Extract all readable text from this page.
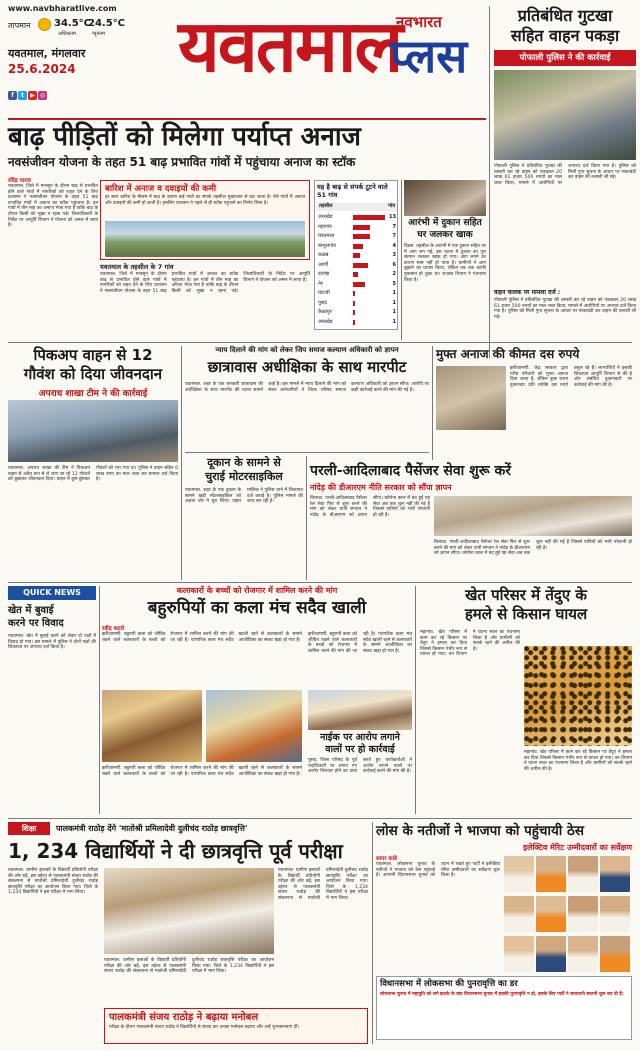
www.navbharatlive.com
तापमान 34.5°C
अधिकतम
24.5°C
न्यूनतम
यवतमाल, मंगलवार
25.6.2024
f t ▶ ◎
यवतमाल
नवभारत
प्लस
प्रतिबंधित गुटखा
सहित वाहन पकड़ा
पोफाली पुलिस ने की कार्रवाई
पोफाली पुलिस ने प्रतिबंधित गुटखा की तस्करी कर रहे वाहन को पकड़कर 20 लाख 61 हजार 500 रुपयों का माल जब्त किया, मामले में आरोपियों पर अपराध दर्ज किया गया है। पुलिस को मिली गुप्त सूचना के आधार पर नाकाबंदी कर वाहन की तलाशी ली गई।
वाहन चालक पर मामला दर्ज :
पोफाली पुलिस ने प्रतिबंधित गुटखा की तस्करी कर रहे वाहन को पकड़कर 20 लाख 61 हजार 500 रुपयों का माल जब्त किया, मामले में आरोपियों पर अपराध दर्ज किया गया है। पुलिस को मिली गुप्त सूचना के आधार पर नाकाबंदी कर वाहन की तलाशी ली गई।
बाढ़ पीड़ितों को मिलेगा पर्याप्त अनाज
नवसंजीवन योजना के तहत 51 बाढ़ प्रभावित गांवों में पहुंचाया अनाज का स्टॉक
रविंद्र पाराव
यवतमाल. जिले में मानसून के दौरान बाढ़ से प्रभावित होने वाले गांवों में नागरिकों को राहत देने के लिए प्रशासन ने नवसंजीवन योजना के तहत 51 बाढ़ प्रभावित गांवों में अनाज का स्टॉक पहुंचाया है। इन गांवों में तीन माह का अनाज भेजा गया है ताकि बाढ़ के दौरान किसी को भूखा न रहना पड़े। जिलाधिकारी के निर्देश पर आपूर्ति विभाग ने योजना को अमल में लाया है।
बारिश में अनाज व दवाइयों की कमी
हर साल बारिश के मौसम में बाढ़ के कारण कई गांवों का संपर्क तहसील मुख्यालय से कट जाता है। ऐसे गांवों में अनाज और दवाइयों की कमी हो जाती है। इसलिए प्रशासन ने पहले से ही स्टॉक पहुंचाने का निर्णय लिया है।
यवतमाल के तहसील के 7 गांव
यवतमाल. जिले में मानसून के दौरान बाढ़ से प्रभावित होने वाले गांवों में नागरिकों को राहत देने के लिए प्रशासन ने नवसंजीवन योजना के तहत 51 बाढ़ प्रभावित गांवों में अनाज का स्टॉक पहुंचाया है। इन गांवों में तीन माह का अनाज भेजा गया है ताकि बाढ़ के दौरान किसी को भूखा न रहना पड़े। जिलाधिकारी के निर्देश पर आपूर्ति विभाग ने योजना को अमल में लाया है।
यह है बाढ़ से संपर्क टूटने वाले 51 गांव
तहसील	गांव
उमरखेड	13
महागांव	7
यवतमाल	7
बाभुलगांव	4
कळंब	3
आर्णी	6
दारव्हा	2
नेर	5
घाटंजी	1
पुसद	1
केळापुर	1
उमरखेड़	1
आरंभी में दुकान सहित
घर जलकर खाक
दिग्रस. तहसील के आरंभी में एक दुकान सहित घर में आग लग गई, इस घटना में दुकान का पूरा सामान जलकर खाक हो गया। आग लगने का कारण स्पष्ट नहीं हो पाया है। ग्रामीणों ने आग बुझाने का प्रयास किया, लेकिन तब तक काफी नुकसान हो चुका था। राजस्व विभाग ने पंचनामा किया है।
पिकअप वाहन से 12
गौवंश को दिया जीवनदान
अपराध शाखा टीम ने की कार्रवाई
यवतमाल. अपराध शाखा की टीम ने पिकअप वाहन से अवैध रूप से ले जाए जा रहे 12 गौवंशों को छुड़ाकर जीवनदान दिया। वाहन में ठूंस-ठूंसकर गौवंशों को भरा गया था। पुलिस ने वाहन सहित 6 लाख रुपए का माल जब्त कर मामला दर्ज किया है।
न्याय दिलाने की मांग को लेकर जिप समाज कल्याण अधिकारी को ज्ञापन
छात्रावास अधीक्षिका के साथ मारपीट
यवतमाल. शहर के एक सरकारी छात्रावास की अधीक्षिका के साथ मारपीट की घटना सामने आई है। इस मामले में न्याय दिलाने की मांग को लेकर कर्मचारियों ने जिला परिषद समाज कल्याण अधिकारी को ज्ञापन सौंपा। आरोपी पर कड़ी कार्रवाई करने की मांग की गई है।
मुफ्त अनाज की कीमत दस रुपये
झरीजामणी. केंद्र सरकार द्वारा गरीब परिवारों को मुफ्त अनाज दिया जाता है, लेकिन कुछ राशन दुकानदार प्रति व्यक्ति दस रुपये वसूल रहे हैं। लाभार्थियों ने इसकी शिकायत आपूर्ति विभाग से की है और संबंधित दुकानदारों पर कार्रवाई की मांग की है।
दूकान के सामने से
चुराई मोटरसाइकिल
यवतमाल. शहर के एक दुकान के सामने खड़ी मोटरसाइकिल को अज्ञात चोर ने चुरा लिया। वाहन मालिक ने पुलिस थाने में शिकायत दर्ज कराई है। पुलिस मामले की जांच कर रही है।
परली-आदिलाबाद पैसेंजर सेवा शुरू करें
नांदेड़ की डीआरएम नीति सरकार को सौंपा ज्ञापन
किनवट. परली-आदिलाबाद पैसेंजर रेल सेवा फिर से शुरू करने की मांग को लेकर यात्री संगठन ने नांदेड़ के डीआरएम को ज्ञापन सौंपा। कोरोना काल में बंद हुई यह सेवा अब तक शुरू नहीं की गई है जिससे यात्रियों को भारी परेशानी हो रही है।
किनवट. परली-आदिलाबाद पैसेंजर रेल सेवा फिर से शुरू करने की मांग को लेकर यात्री संगठन ने नांदेड़ के डीआरएम को ज्ञापन सौंपा। कोरोना काल में बंद हुई यह सेवा अब तक शुरू नहीं की गई है जिससे यात्रियों को भारी परेशानी हो रही है।
QUICK NEWS
खेत में बुवाई
करने पर विवाद
यवतमाल. खेत में बुवाई करने को लेकर दो पक्षों में विवाद हो गया। इस मामले में पुलिस ने दोनों पक्षों की शिकायत पर अपराध दर्ज किया है।
कलाकारों के बच्चों को रोजगार में शामिल करने की मांग
बहुरुपियों का कला मंच सदैव खाली
रवींद्र कटारे
झरीजामणी. बहुरुपी कला को जीवित रखने वाले कलाकारों के बच्चों को रोजगार में शामिल करने की मांग की जा रही है। पारंपरिक कला मंच सदैव खाली रहने से कलाकारों के सामने आजीविका का संकट खड़ा हो गया है।
झरीजामणी. बहुरुपी कला को जीवित रखने वाले कलाकारों के बच्चों को रोजगार में शामिल करने की मांग की जा रही है। पारंपरिक कला मंच सदैव खाली रहने से कलाकारों के सामने आजीविका का संकट खड़ा हो गया है।
झरीजामणी. बहुरुपी कला को जीवित रखने वाले कलाकारों के बच्चों को रोजगार में शामिल करने की मांग की जा रही है। पारंपरिक कला मंच सदैव खाली रहने से कलाकारों के सामने आजीविका का संकट खड़ा हो गया है।
खेत परिसर में तेंदुए के
हमले से किसान घायल
महागांव. खेत परिसर में काम कर रहे किसान पर तेंदुए ने हमला कर दिया जिससे किसान गंभीर रूप से घायल हो गया। वन विभाग ने घटना स्थल का पंचनामा किया है और ग्रामीणों को सतर्क रहने की अपील की है।
महागांव. खेत परिसर में काम कर रहे किसान पर तेंदुए ने हमला कर दिया जिससे किसान गंभीर रूप से घायल हो गया। वन विभाग ने घटना स्थल का पंचनामा किया है और ग्रामीणों को सतर्क रहने की अपील की है।
नाईक पर आरोप लगाने
वालों पर हो कार्रवाई
पुसद. जिला परिषद के पूर्व पदाधिकारी पर लगाए गए आरोप निराधार होने का दावा करते हुए कार्यकर्ताओं ने आरोप लगाने वालों पर कार्रवाई करने की मांग की है।
शिक्षा	पालकमंत्री राठोड़ देंगे 'मातोश्री प्रमिलादेवी दुलीचंद राठोड़ छात्रवृत्ति'
1, 234 विद्यार्थियों ने दी छात्रवृत्ति पूर्व परीक्षा
यवतमाल. ग्रामीण इलाकों के विद्यार्थी प्रतियोगी परीक्षा की ओर बढ़ें, इस उद्देश्य से पालकमंत्री संजय राठोड़ की संकल्पना से मातोश्री प्रमिलादेवी दुलीचंद राठोड़ छात्रवृत्ति परीक्षा का आयोजन किया गया। जिले के 1,234 विद्यार्थियों ने इस परीक्षा में भाग लिया।
यवतमाल. ग्रामीण इलाकों के विद्यार्थी प्रतियोगी परीक्षा की ओर बढ़ें, इस उद्देश्य से पालकमंत्री संजय राठोड़ की संकल्पना से मातोश्री प्रमिलादेवी दुलीचंद राठोड़ छात्रवृत्ति परीक्षा का आयोजन किया गया। जिले के 1,234 विद्यार्थियों ने इस परीक्षा में भाग लिया।
पालकमंत्री संजय राठोड़ ने बढ़ाया मनोबल
परीक्षा के दौरान पालकमंत्री संजय राठोड़ ने विद्यार्थियों से संवाद कर उनका मनोबल बढ़ाया और उन्हें शुभकामनाएं दीं।
यवतमाल. ग्रामीण इलाकों के विद्यार्थी प्रतियोगी परीक्षा की ओर बढ़ें, इस उद्देश्य से पालकमंत्री संजय राठोड़ की संकल्पना से मातोश्री प्रमिलादेवी दुलीचंद राठोड़ छात्रवृत्ति परीक्षा का आयोजन किया गया। जिले के 1,234 विद्यार्थियों ने इस परीक्षा में भाग लिया।
लोस के नतीजों ने भाजपा को पहुंचायी ठेस
इलेक्टिव मेरिट उम्मीदवारों का सर्वेक्षण
सागर कांडे
यवतमाल. लोकसभा चुनाव के नतीजों ने भाजपा को ठेस पहुंचाई है। आगामी विधानसभा चुनाव को ध्यान में रखते हुए पार्टी ने इलेक्टिव मेरिट उम्मीदवारों का सर्वेक्षण शुरू किया है।
विधानसभा में लोकसभा की पुनरावृत्ति का डर
लोकसभा चुनाव में महायुति को लगे झटके के बाद विधानसभा चुनाव में इसकी पुनरावृत्ति न हो, इसके लिए पार्टी ने सावधानी बरतनी शुरू कर दी है।
